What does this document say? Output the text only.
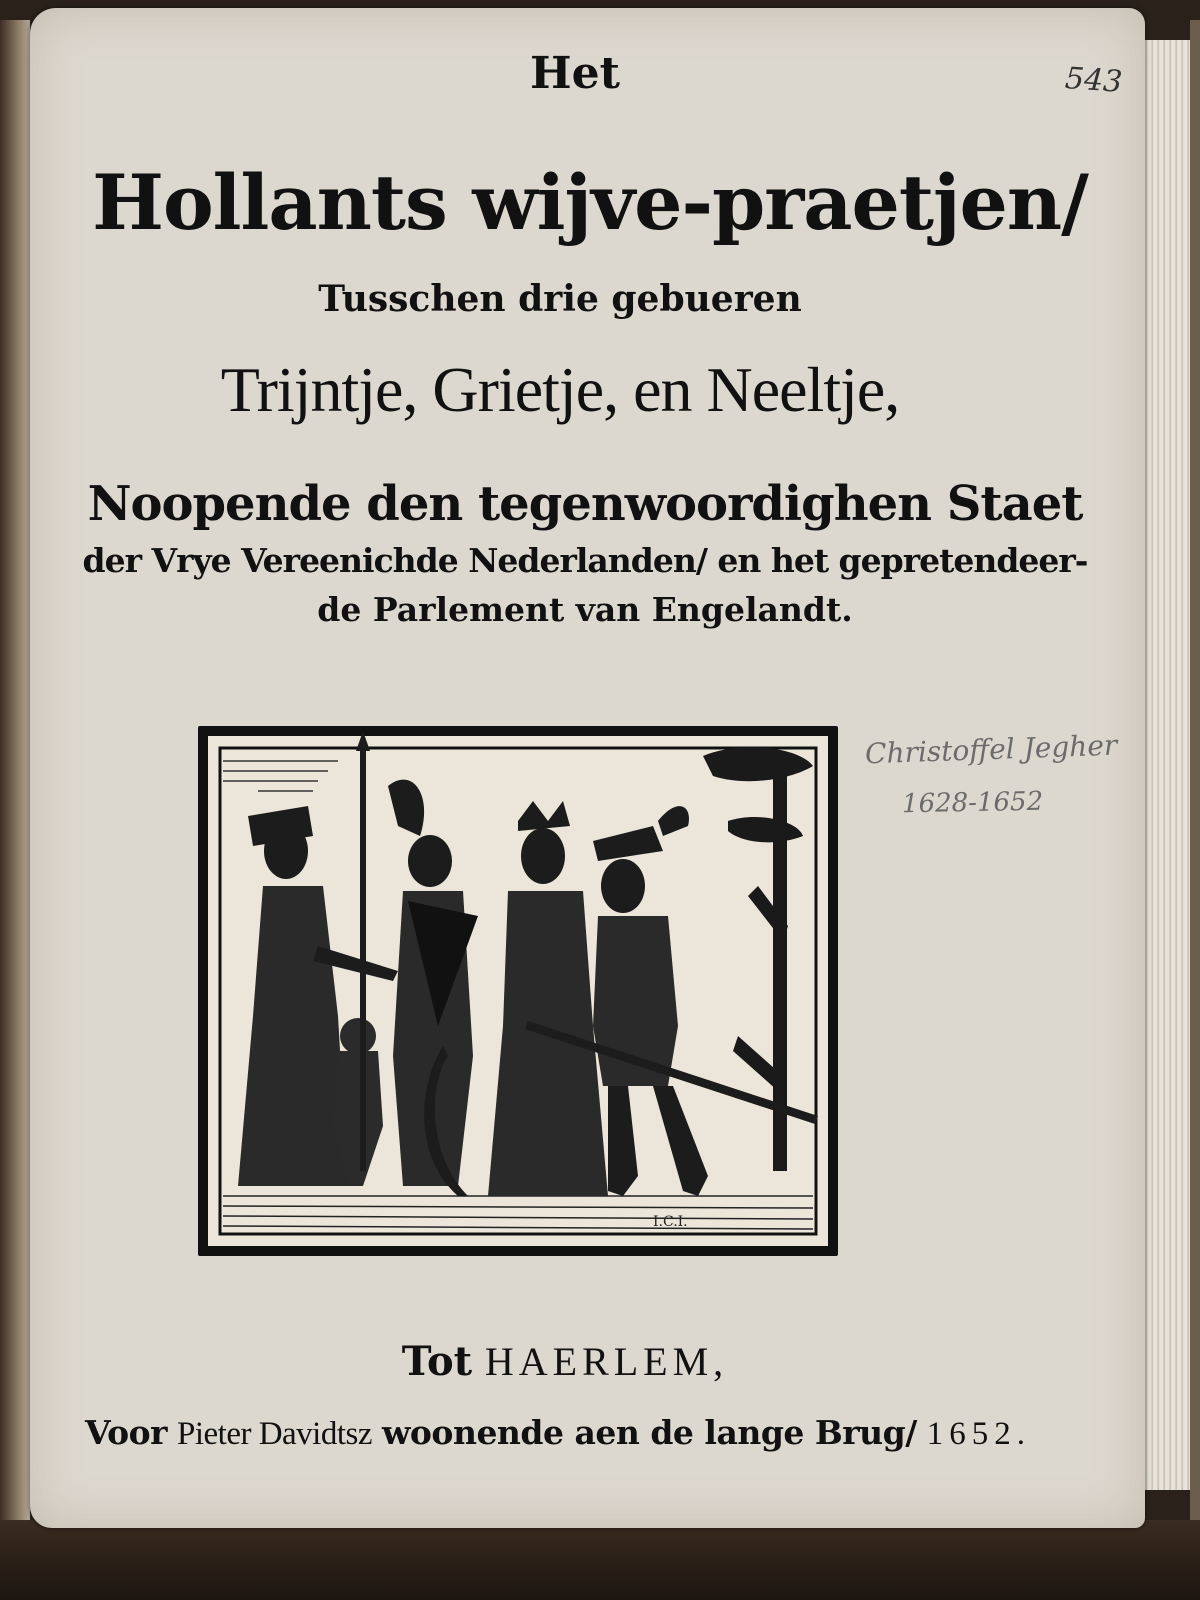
543

Het

Hollants wijve-praetjen/

Tusschen drie gebueren

Trijntje, Grietje, en Neeltje,

Noopende den tegenwoordighen Staet

der Vrye Vereenichde Nederlanden/ en het gepretendeer-

de Parlement van Engelandt.

I.C.I.

Christoffel Jegher

1628-1652

Tot HAERLEM,

Voor Pieter Davidtsz woonende aen de lange Brug/ 1652.
